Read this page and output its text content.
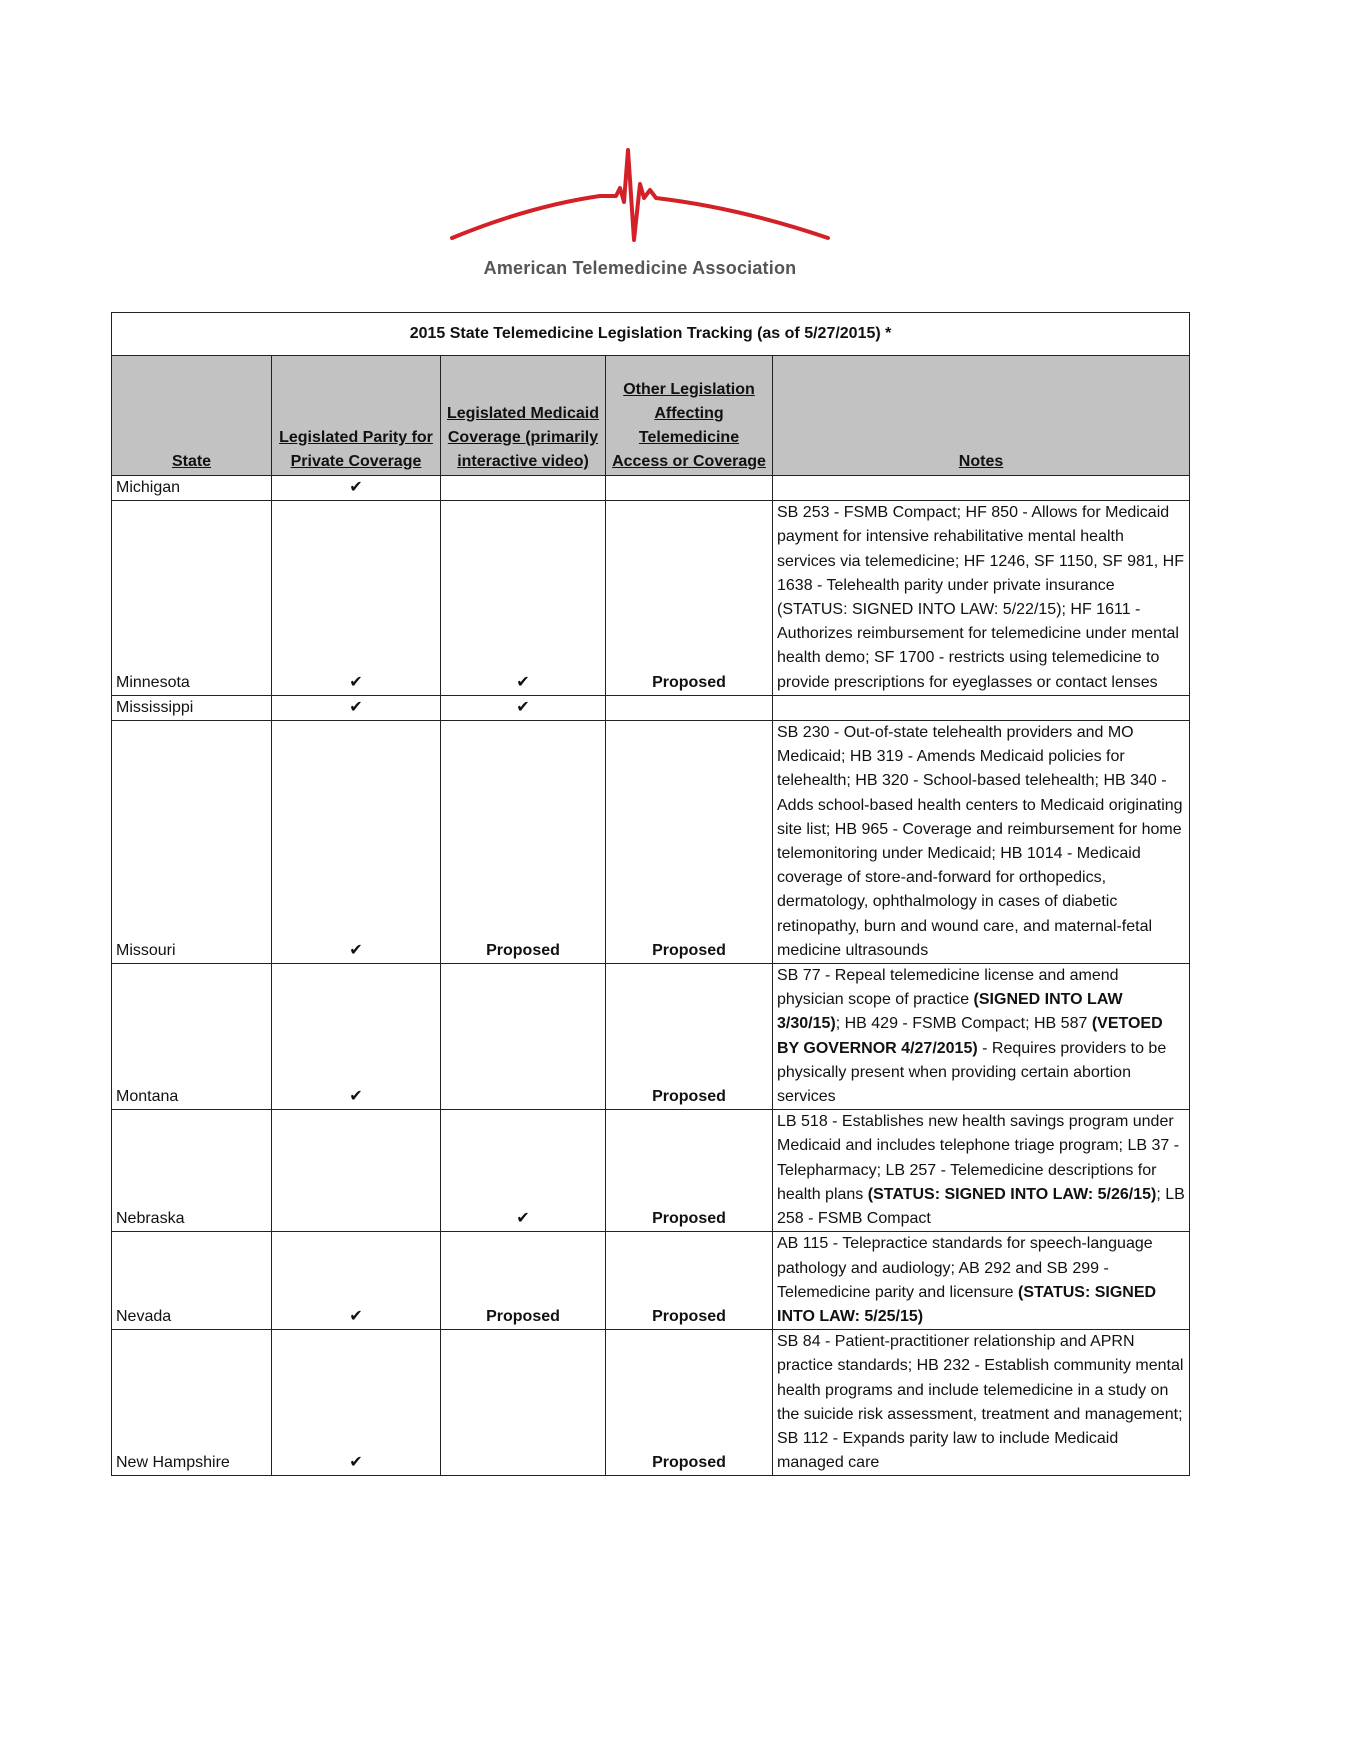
American Telemedicine Association
2015 State Telemedicine Legislation Tracking (as of 5/27/2015) *				
State	Legislated Parity for Private Coverage	Legislated Medicaid Coverage (primarily interactive video)	Other Legislation Affecting Telemedicine Access or Coverage	Notes
Michigan	✔			
Minnesota	✔	✔	Proposed	SB 253 - FSMB Compact; HF 850 - Allows for Medicaid payment for intensive rehabilitative mental health services via telemedicine; HF 1246, SF 1150, SF 981, HF 1638 - Telehealth parity under private insurance (STATUS: SIGNED INTO LAW: 5/22/15); HF 1611 - Authorizes reimbursement for telemedicine under mental health demo; SF 1700 - restricts using telemedicine to provide prescriptions for eyeglasses or contact lenses
Mississippi	✔	✔		
Missouri	✔	Proposed	Proposed	SB 230 - Out-of-state telehealth providers and MO Medicaid; HB 319 - Amends Medicaid policies for telehealth; HB 320 - School-based telehealth; HB 340 - Adds school-based health centers to Medicaid originating site list; HB 965 - Coverage and reimbursement for home telemonitoring under Medicaid; HB 1014 - Medicaid coverage of store-and-forward for orthopedics, dermatology, ophthalmology in cases of diabetic retinopathy, burn and wound care, and maternal-fetal medicine ultrasounds
Montana	✔		Proposed	SB 77 - Repeal telemedicine license and amend physician scope of practice (SIGNED INTO LAW 3/30/15); HB 429 - FSMB Compact; HB 587 (VETOED BY GOVERNOR 4/27/2015) - Requires providers to be physically present when providing certain abortion services
Nebraska		✔	Proposed	LB 518 - Establishes new health savings program under Medicaid and includes telephone triage program; LB 37 - Telepharmacy; LB 257 - Telemedicine descriptions for health plans (STATUS: SIGNED INTO LAW: 5/26/15); LB 258 - FSMB Compact
Nevada	✔	Proposed	Proposed	AB 115 - Telepractice standards for speech-language pathology and audiology; AB 292 and SB 299 - Telemedicine parity and licensure (STATUS: SIGNED INTO LAW: 5/25/15)
New Hampshire	✔		Proposed	SB 84 - Patient-practitioner relationship and APRN practice standards; HB 232 - Establish community mental health programs and include telemedicine in a study on the suicide risk assessment, treatment and management; SB 112 - Expands parity law to include Medicaid managed care
